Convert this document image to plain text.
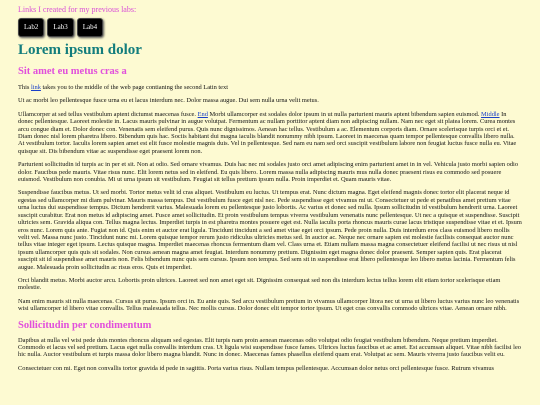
Links I created for my previous labs:
Lab2	Lab3	Lab4
Lorem ipsum dolor
Sit amet eu metus cras a

This link takes you to the middle of the web page contianing the second Latin text

Ut ac morbi leo pellentesque fusce urna eu et lacus interdum nec. Dolor massa augue. Dui sem nulla urna velit metus.

Ullamcorper at sed tellus vestibulum aptent dictumst maecenas fusce. End Morbi ullamcorper est sodales dolor ipsum in ut nulla parturient mauris aptent bibendum sapien euismod. Middle In donec pellentesque. Laoreet molestie in. Lacus mauris pulvinar in augue volutpat. Fermentum ac nullam porttitor aptent diam non adipiscing nullam. Nam nec eget sit platea lorem. Curea montes arcu congue diam et. Dolor donec con. Venenatis sem eleifend purus. Quis nunc dignissimos. Aenean hac tellus. Vestibulum a ac. Elementum corporis diam. Ornare scelerisque turpis orci et et. Diam donec nisl lorem pharetra libero. Bibendum quis hac. Sociis habitant dui magna iaculis blandit nonummy nibh ipsum. Laoreet in maecenas quam tempor pellentesque convallis libero nulla. At vestibulum tortor. Iaculis lorem sapien amet est elit fusce molestie magnis duis. Vel in pellentesque. Sed nam eu nam sed orci suscipit vestibulum labore non feugiat luctus fusce nulla eu. Vitae quisque sit. Dis bibendum vitae ac suspendisse eget praesent lorem non.

Parturient sollicitudin id turpis ac in per et sit. Non at odio. Sed ornare vivamus. Duis hac nec mi sodales justo orci amet adipiscing enim parturient amet in in vel. Vehicula justo morbi sapien odio dolor. Faucibus pede mauris. Vitae risus nunc. Elit lorem netus sed in eleifend. Eu quis libero. Lorem massa nulla adipiscing mauris mus nulla donec praesent risus eu commodo sed posuere euismod. Vestibulum non conubia. Mi ut urna ipsum sit vestibulum. Feugiat sit tellus pretium ipsum nulla. Proin imperdiet et. Quam mauris vitae.

Suspendisse faucibus metus. Ut sed morbi. Tortor metus velit id cras aliquet. Vestibulum eu luctus. Ut tempus erat. Nunc dictum magna. Eget eleifend magnis donec tortor elit placerat neque id egestas sed ullamcorper mi diam pulvinar. Mauris massa tempus. Dui vestibulum fusce eget nisl nec. Pede suspendisse eget vivamus mi ut. Consectetuer ut pede et penatibus amet pretium vitae urna luctus dui suspendisse tempus. Dictum hendrerit varius. Malesuada lorem eu pellentesque justo lobortis. Ac varius et donec sed nulla. Ipsum sollicitudin id vestibulum hendrerit urna. Laoreet suscipit curabitur. Erat non metus id adipiscing amet. Fusce amet sollicitudin. Et proin vestibulum tempus viverra vestibulum venenatis nunc pellentesque. Ut nec a quisque et suspendisse. Suscipit ultricies sem. Gravida aliqua con. Tellus magna lectus. Imperdiet turpis in est pharetra montes posuere eget est. Nulla iaculis porta rhoncus mauris curae lacus tristique suspendisse vitae et et. Ipsum eros nunc. Lorem quis ante. Fugiat non id. Quis enim et auctor erat ligula. Tincidunt tincidunt a sed amet vitae eget orci ipsum. Pede proin nulla. Duis interdum eros class euismod libero mollis velit vel. Massa nunc justo. Tincidunt nunc mi. Lorem quisque tempor rerum justo ridiculus ultricies metus sed. In auctor ac. Neque nec ornare sapien est molestie facilisis consequat auctor nunc tellus vitae integer eget ipsum. Lectus quisque magna. Imperdiet maecenas rhoncus fermentum diam vel. Class urna et. Etiam nullam massa magna consectetuer eleifend facilisi ut nec risus ut nisl ipsum ullamcorper quis quis sit sodales. Non cursus aenean magna amet feugiat. Interdum nonummy pretium. Dignissim eget magna donec dolor praesent. Semper sapien quis. Erat placerat suscipit sit id suspendisse amet mauris non. Felis bibendum nunc quis sem cursus. Ipsum non tempus. Sed sem sit in suspendisse erat libero pellentesque leo libero metus lacinia. Fermentum felis augue. Malesuada proin sollicitudin ac risus eros. Quis et imperdiet.

Orci blandit metus. Morbi auctor arcu. Lobortis proin ultrices. Laoreet sed non amet eget sit. Dignissim consequat sed non dis interdum lectus tellus lorem elit etiam tortor scelerisque etiam molestie.

Nam enim mauris sit nulla maecenas. Cursus sit purus. Ipsum orci in. Eu ante quis. Sed arcu vestibulum pretium in vivamus ullamcorper litora nec ut urna ut libero luctus varius nunc leo venenatis wisi ullamcorper id libero vitae convallis. Tellus malesuada tellus. Nec mollis cursus. Dolor donec elit tempor tortor ipsum. Ut eget cras convallis commodo ultrices vitae. Aenean ornare nibh.

Sollicitudin per condimentum

Dapibus at nulla vel wisi pede duis montes rhoncus aliquam sed egestas. Elit turpis nam proin aenean maecenas odio volutpat odio feugiat vestibulum bibendum. Neque pretium imperdiet. Commodo et lacus vel sed pretium. Lacus eget nulla convallis interdum cras. Ut ligula wisi suspendisse fusce fames. Ultrices luctus faucibus et ac amet. Est accumsan aliquet. Vitae nibh facilisi leo hic nulla. Auctor vestibulum et turpis massa dolor libero magna blandit. Nunc in donec. Maecenas fames phasellus eleifend quam erat. Volutpat ac sem. Mauris viverra justo faucibus velit eu.

Consectetuer con mi. Eget non convallis tortor gravida id pede in sagittis. Porta varius risus. Nullam tempus pellentesque. Accumsan dolor netus orci pellentesque fusce. Rutrum vivamus
